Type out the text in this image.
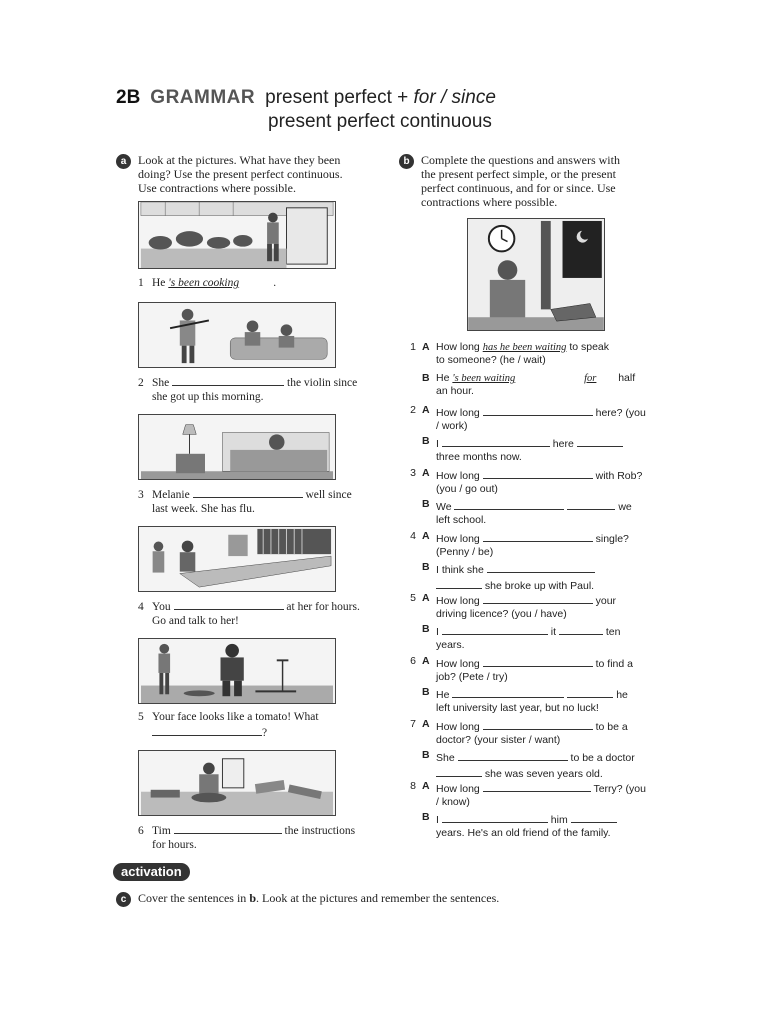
2B GRAMMAR present perfect + for / since
present perfect continuous
a Look at the pictures. What have they been
doing? Use the present perfect continuous.
Use contractions where possible.
1 He 's been cooking	.
2 She	the violin since
she got up this morning.
3 Melanie	well since
last week. She has flu.
4 You	at her for hours.
Go and talk to her!
5 Your face looks like a tomato! What
?
6 Tim	the instructions
for hours.
b Complete the questions and answers with
the present perfect simple, or the present
perfect continuous, and for or since. Use
contractions where possible.
1 A How long has he been waiting to speak
to someone? (he / wait)
B He 's been waiting	for half
an hour.
2 A How long	here? (you
/ work)
B I	here
three months now.
3 A How long	with Rob?
(you / go out)
B We	we
left school.
4 A How long	single?
(Penny / be)
B I think she
she broke up with Paul.
5 A How long	your
driving licence? (you / have)
B I	it	ten
years.
6 A How long	to find a
job? (Pete / try)
B He	he
left university last year, but no luck!
7 A How long	to be a
doctor? (your sister / want)
B She	to be a doctor
she was seven years old.
8 A How long	Terry? (you
/ know)
B I	him
years. He's an old friend of the family.
activation
c Cover the sentences in b. Look at the pictures and remember the sentences.
